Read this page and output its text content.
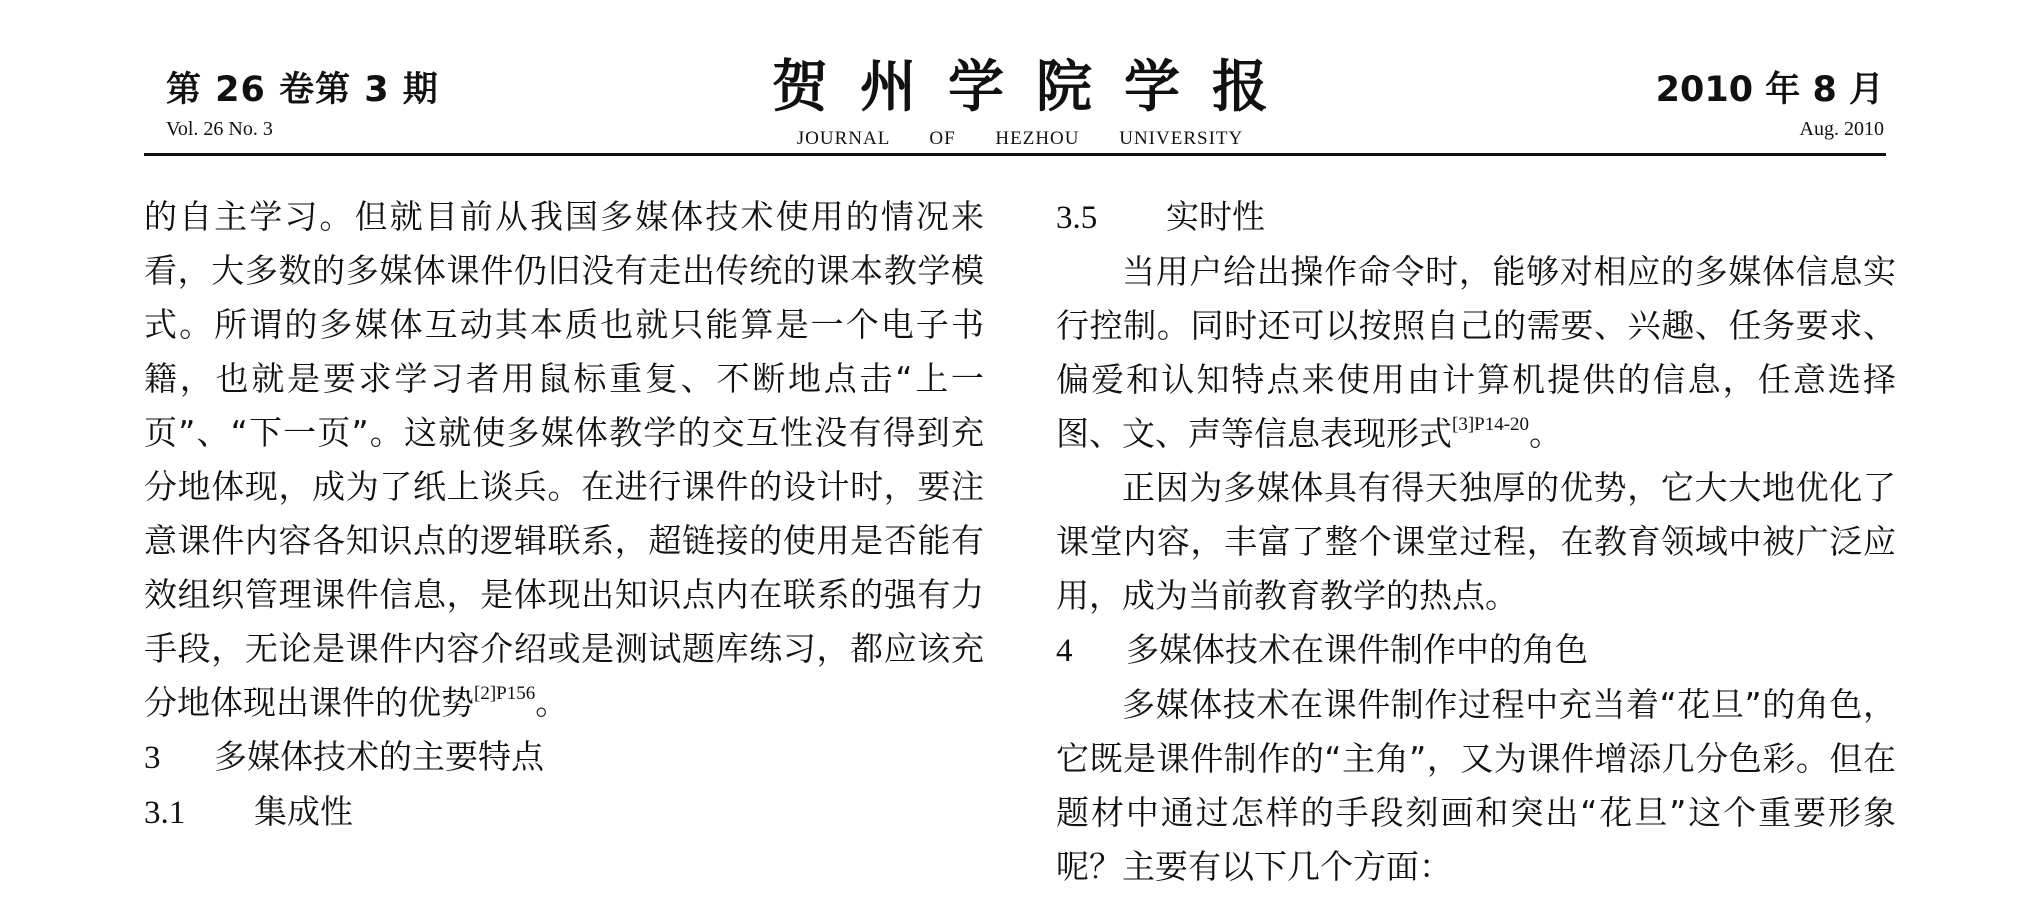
第 26 卷第 3 期
Vol. 26 No. 3
贺州学院学报
JOURNAL OF HEZHOU UNIVERSITY
2010 年 8 月
Aug. 2010

的自主学习。但就目前从我国多媒体技术使用的情况来看，大多数的多媒体课件仍旧没有走出传统的课本教学模式。所谓的多媒体互动其本质也就只能算是一个电子书籍，也就是要求学习者用鼠标重复、不断地点击“上一页”、“下一页”。这就使多媒体教学的交互性没有得到充分地体现，成为了纸上谈兵。在进行课件的设计时，要注意课件内容各知识点的逻辑联系，超链接的使用是否能有效组织管理课件信息，是体现出知识点内在联系的强有力手段，无论是课件内容介绍或是测试题库练习，都应该充分地体现出课件的优势$^{[2]P156}$。

3 多媒体技术的主要特点
3.1 集成性
3.5 实时性

当用户给出操作命令时，能够对相应的多媒体信息实行控制。同时还可以按照自己的需要、兴趣、任务要求、偏爱和认知特点来使用由计算机提供的信息，任意选择图、文、声等信息表现形式$^{[3]P14-20}$。

正因为多媒体具有得天独厚的优势，它大大地优化了课堂内容，丰富了整个课堂过程，在教育领域中被广泛应用，成为当前教育教学的热点。

4 多媒体技术在课件制作中的角色

多媒体技术在课件制作过程中充当着“花旦”的角色，它既是课件制作的“主角”，又为课件增添几分色彩。但在题材中通过怎样的手段刻画和突出“花旦”这个重要形象呢？主要有以下几个方面：
